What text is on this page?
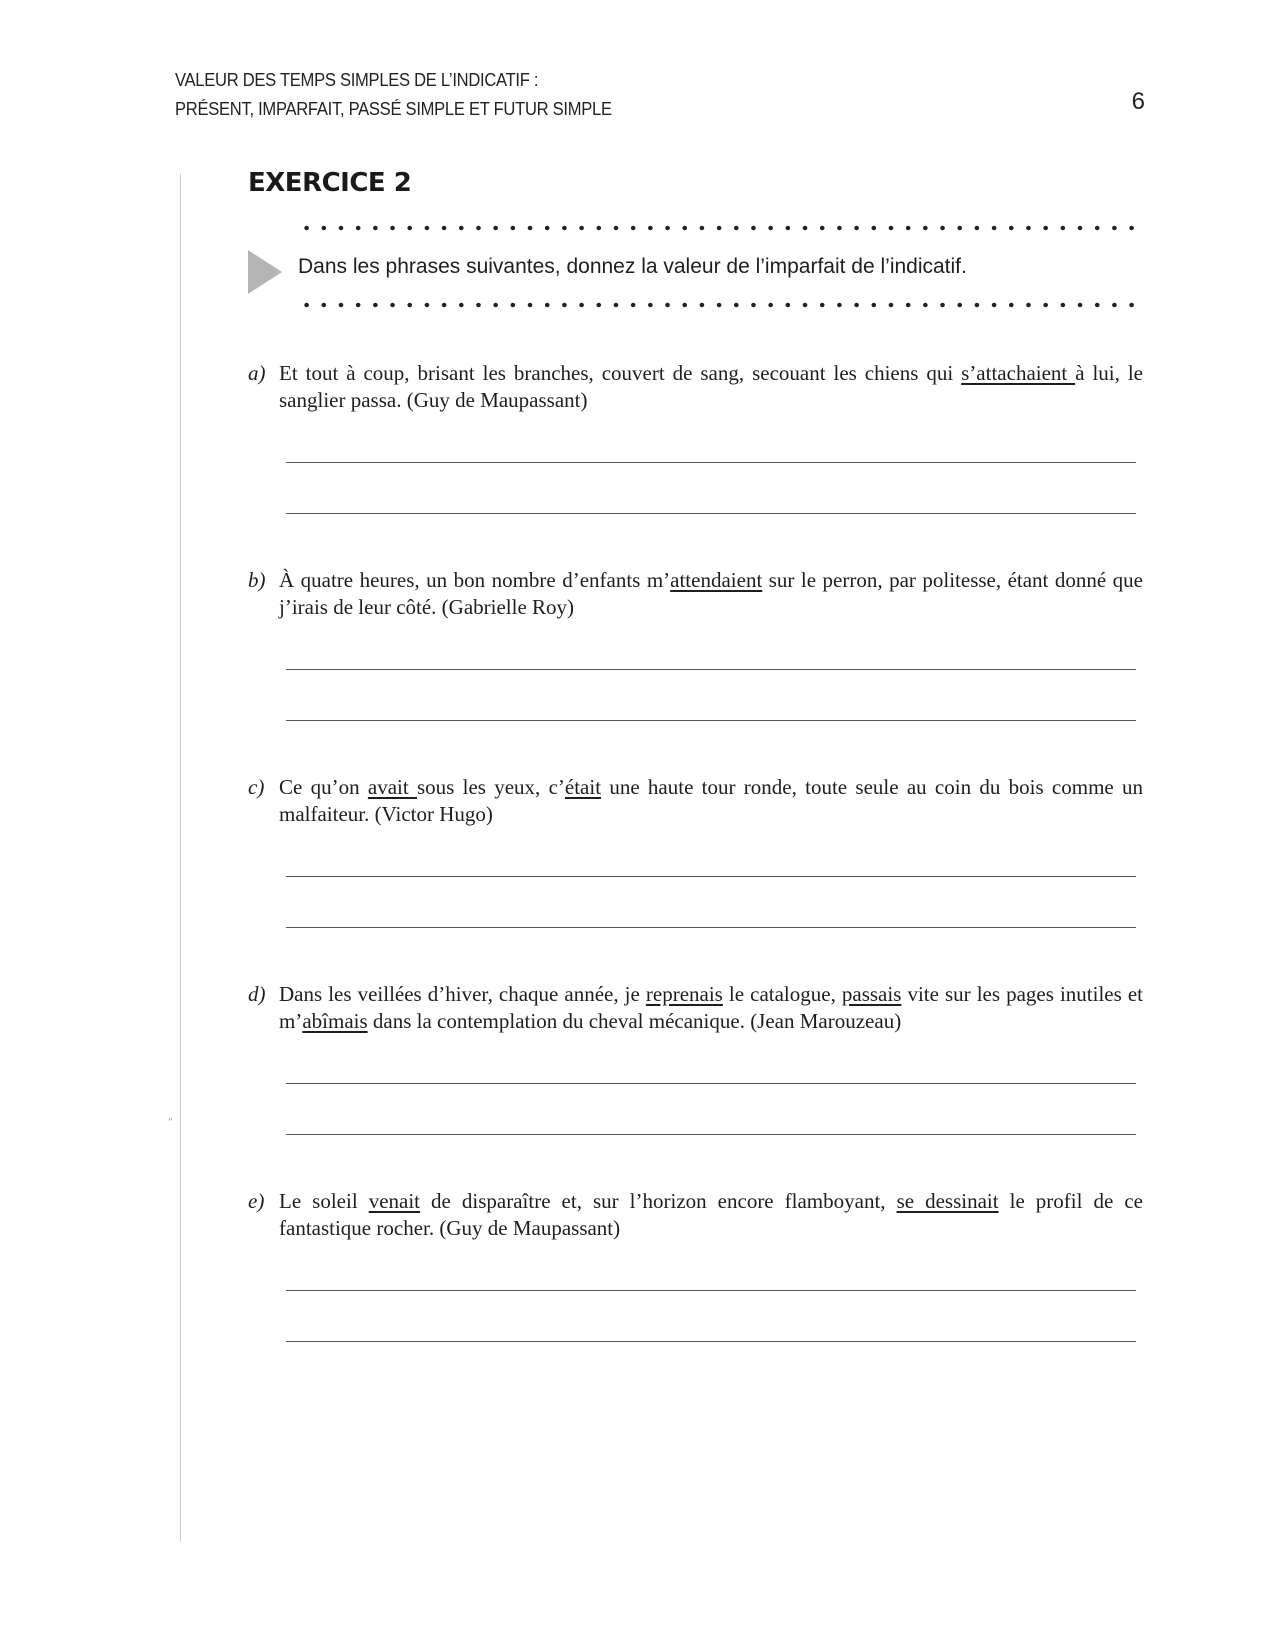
VALEUR DES TEMPS SIMPLES DE L’INDICATIF :
PRÉSENT, IMPARFAIT, PASSÉ SIMPLE ET FUTUR SIMPLE	6
ʺ
EXERCICE 2
Dans les phrases suivantes, donnez la valeur de l’imparfait de l’indicatif.
a) Et tout à coup, brisant les branches, couvert de sang, secouant les chiens qui s’attachaient à lui, le sanglier passa. (Guy de Maupassant)
b) À quatre heures, un bon nombre d’enfants m’attendaient sur le perron, par politesse, étant donné que j’irais de leur côté. (Gabrielle Roy)
c) Ce qu’on avait sous les yeux, c’était une haute tour ronde, toute seule au coin du bois comme un malfaiteur. (Victor Hugo)
d) Dans les veillées d’hiver, chaque année, je reprenais le catalogue, passais vite sur les pages inutiles et m’abîmais dans la contemplation du cheval mécanique. (Jean Marouzeau)
e) Le soleil venait de disparaître et, sur l’horizon encore flamboyant, se dessinait le profil de ce fantastique rocher. (Guy de Maupassant)
